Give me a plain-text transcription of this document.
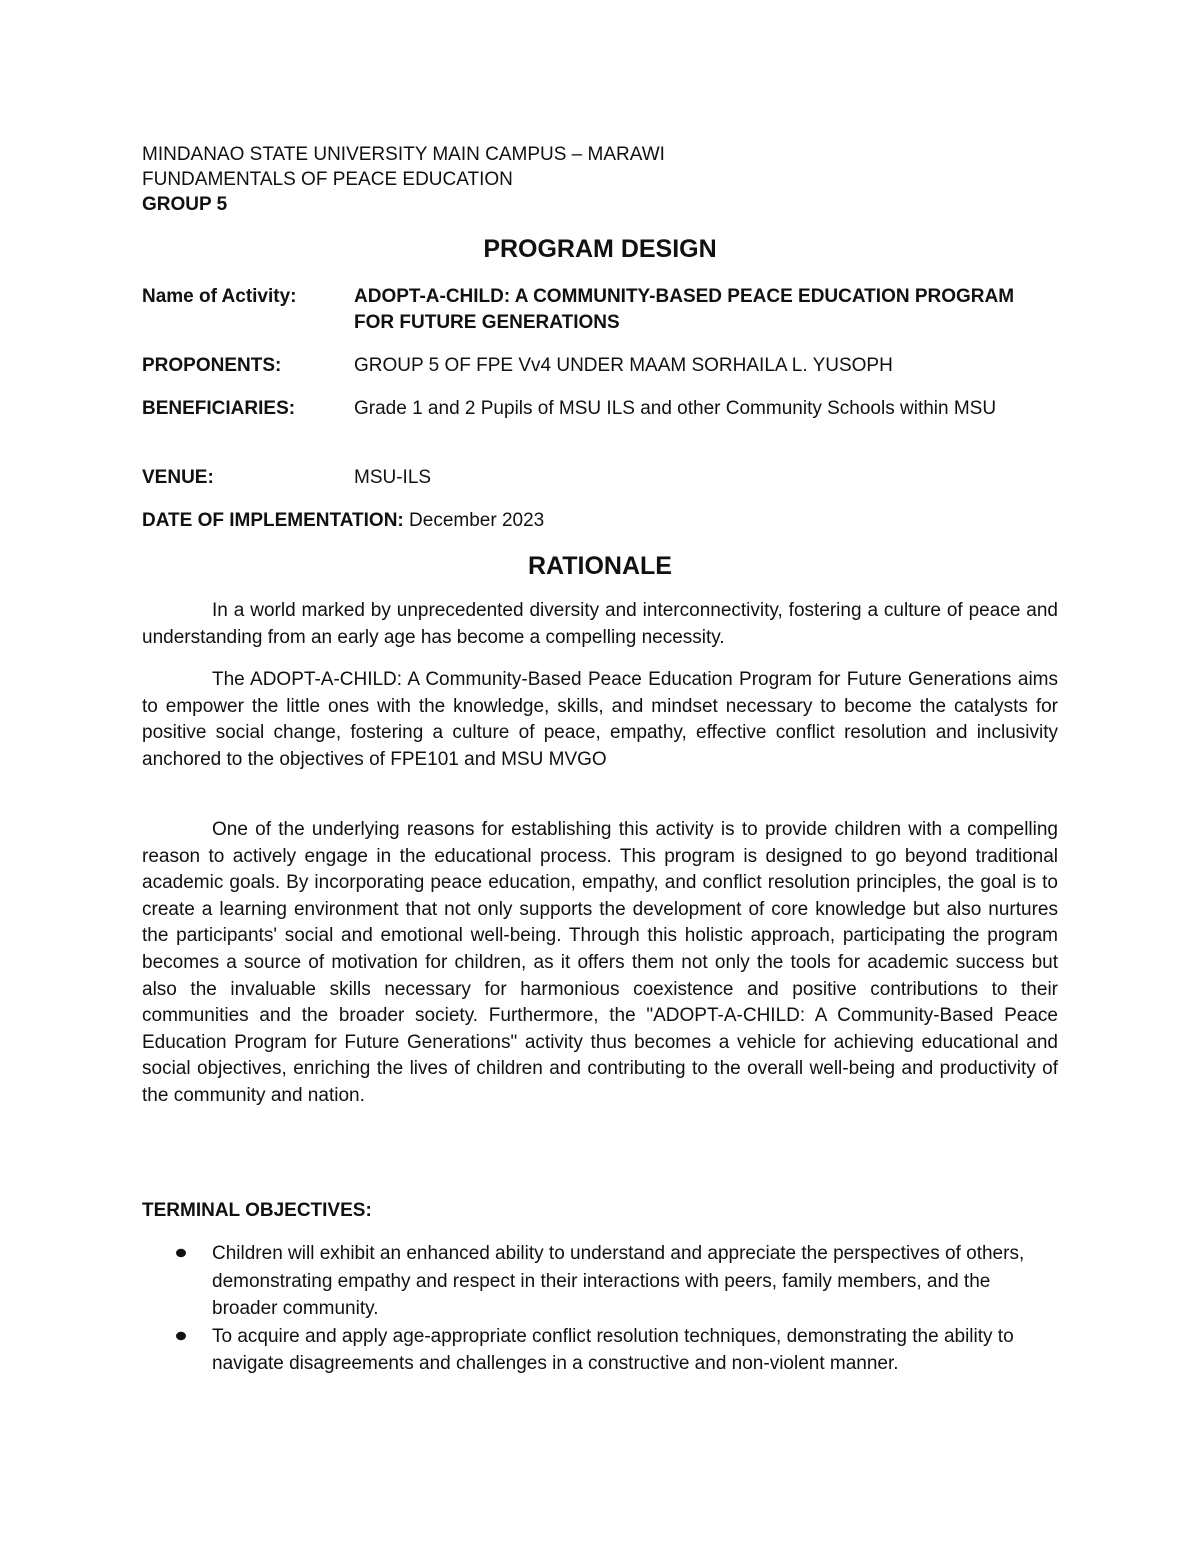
MINDANAO STATE UNIVERSITY MAIN CAMPUS – MARAWI
FUNDAMENTALS OF PEACE EDUCATION
GROUP 5
PROGRAM DESIGN
Name of Activity:	ADOPT-A-CHILD: A COMMUNITY-BASED PEACE EDUCATION PROGRAM FOR FUTURE GENERATIONS
PROPONENTS:	GROUP 5 OF FPE Vv4 UNDER MAAM SORHAILA L. YUSOPH
BENEFICIARIES:	Grade 1 and 2 Pupils of MSU ILS and other Community Schools within MSU
VENUE:	MSU-ILS
DATE OF IMPLEMENTATION: December 2023
RATIONALE
In a world marked by unprecedented diversity and interconnectivity, fostering a culture of peace and understanding from an early age has become a compelling necessity.
The ADOPT-A-CHILD: A Community-Based Peace Education Program for Future Generations aims to empower the little ones with the knowledge, skills, and mindset necessary to become the catalysts for positive social change, fostering a culture of peace, empathy, effective conflict resolution and inclusivity anchored to the objectives of FPE101 and MSU MVGO
One of the underlying reasons for establishing this activity is to provide children with a compelling reason to actively engage in the educational process. This program is designed to go beyond traditional academic goals. By incorporating peace education, empathy, and conflict resolution principles, the goal is to create a learning environment that not only supports the development of core knowledge but also nurtures the participants' social and emotional well-being. Through this holistic approach, participating the program becomes a source of motivation for children, as it offers them not only the tools for academic success but also the invaluable skills necessary for harmonious coexistence and positive contributions to their communities and the broader society. Furthermore, the "ADOPT-A-CHILD: A Community-Based Peace Education Program for Future Generations" activity thus becomes a vehicle for achieving educational and social objectives, enriching the lives of children and contributing to the overall well-being and productivity of the community and nation.
TERMINAL OBJECTIVES:
Children will exhibit an enhanced ability to understand and appreciate the perspectives of others, demonstrating empathy and respect in their interactions with peers, family members, and the broader community.
To acquire and apply age-appropriate conflict resolution techniques, demonstrating the ability to navigate disagreements and challenges in a constructive and non-violent manner.
